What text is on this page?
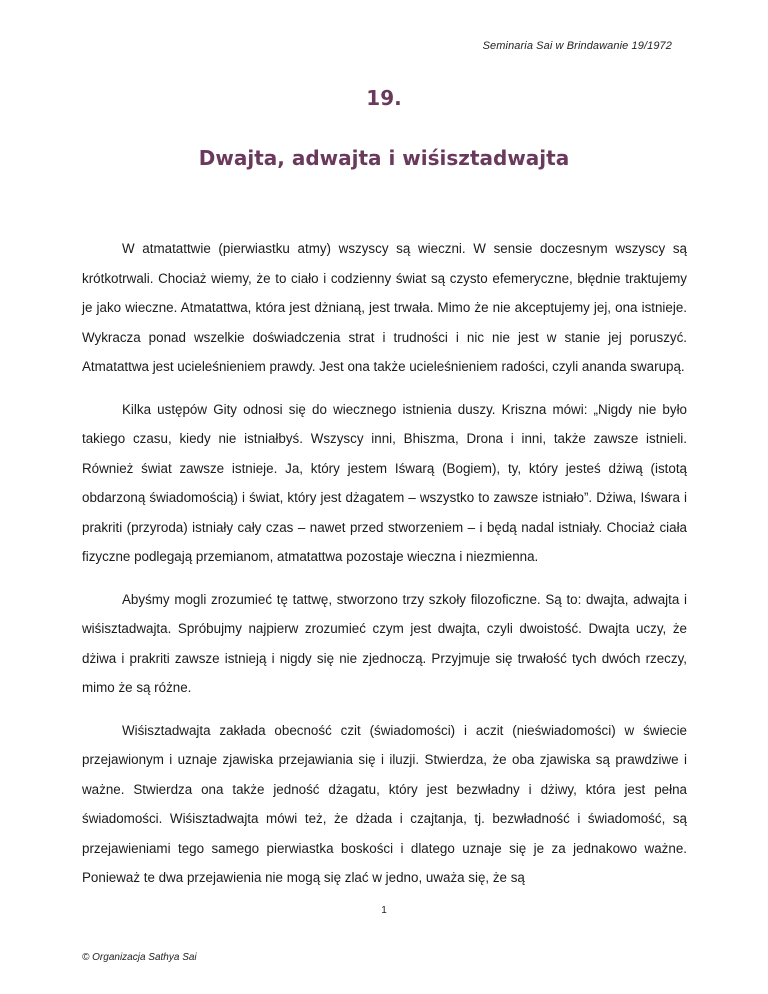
Seminaria Sai w Brindawanie 19/1972
19.
Dwajta, adwajta i wiśisztadwajta

W atmatattwie (pierwiastku atmy) wszyscy są wieczni. W sensie doczesnym wszyscy są krótkotrwali. Chociaż wiemy, że to ciało i codzienny świat są czysto efemeryczne, błędnie traktujemy je jako wieczne. Atmatattwa, która jest dżnianą, jest trwała. Mimo że nie akceptujemy jej, ona istnieje. Wykracza ponad wszelkie doświadczenia strat i trudności i nic nie jest w stanie jej poruszyć. Atmatattwa jest ucieleśnieniem prawdy. Jest ona także ucieleśnieniem radości, czyli ananda swarupą.

Kilka ustępów Gity odnosi się do wiecznego istnienia duszy. Kriszna mówi: „Nigdy nie było takiego czasu, kiedy nie istniałbyś. Wszyscy inni, Bhiszma, Drona i inni, także zawsze istnieli. Również świat zawsze istnieje. Ja, który jestem Iśwarą (Bogiem), ty, który jesteś dżiwą (istotą obdarzoną świadomością) i świat, który jest dżagatem – wszystko to zawsze istniało”. Dżiwa, Iśwara i prakriti (przyroda) istniały cały czas – nawet przed stworzeniem – i będą nadal istniały. Chociaż ciała fizyczne podlegają przemianom, atmatattwa pozostaje wieczna i niezmienna.

Abyśmy mogli zrozumieć tę tattwę, stworzono trzy szkoły filozoficzne. Są to: dwajta, adwajta i wiśisztadwajta. Spróbujmy najpierw zrozumieć czym jest dwajta, czyli dwoistość. Dwajta uczy, że dżiwa i prakriti zawsze istnieją i nigdy się nie zjednoczą. Przyjmuje się trwałość tych dwóch rzeczy, mimo że są różne.

Wiśisztadwajta zakłada obecność czit (świadomości) i aczit (nieświadomości) w świecie przejawionym i uznaje zjawiska przejawiania się i iluzji. Stwierdza, że oba zjawiska są prawdziwe i ważne. Stwierdza ona także jedność dżagatu, który jest bezwładny i dżiwy, która jest pełna świadomości. Wiśisztadwajta mówi też, że dżada i czajtanja, tj. bezwładność i świadomość, są przejawieniami tego samego pierwiastka boskości i dlatego uznaje się je za jednakowo ważne. Ponieważ te dwa przejawienia nie mogą się zlać w jedno, uważa się, że są

1
© Organizacja Sathya Sai
